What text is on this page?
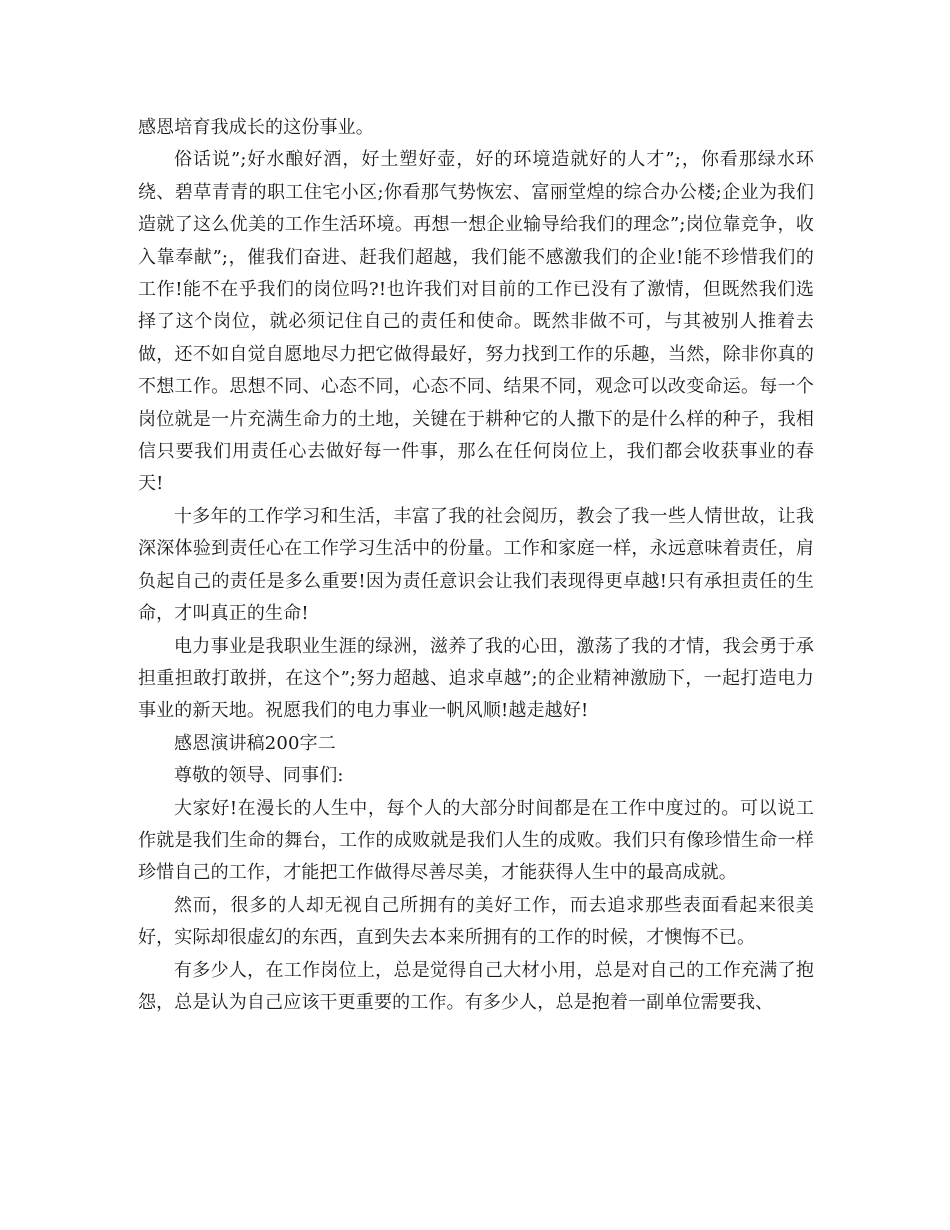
感恩培育我成长的这份事业。

俗话说”;好水酿好酒，好土塑好壶，好的环境造就好的人才”;，你看那绿水环绕、碧草青青的职工住宅小区;你看那气势恢宏、富丽堂煌的综合办公楼;企业为我们造就了这么优美的工作生活环境。再想一想企业输导给我们的理念”;岗位靠竞争，收入靠奉献”;，催我们奋进、赶我们超越，我们能不感激我们的企业!能不珍惜我们的工作!能不在乎我们的岗位吗?!也许我们对目前的工作已没有了激情，但既然我们选择了这个岗位，就必须记住自己的责任和使命。既然非做不可，与其被别人推着去做，还不如自觉自愿地尽力把它做得最好，努力找到工作的乐趣，当然，除非你真的不想工作。思想不同、心态不同，心态不同、结果不同，观念可以改变命运。每一个岗位就是一片充满生命力的土地，关键在于耕种它的人撒下的是什么样的种子，我相信只要我们用责任心去做好每一件事，那么在任何岗位上，我们都会收获事业的春天!

十多年的工作学习和生活，丰富了我的社会阅历，教会了我一些人情世故，让我深深体验到责任心在工作学习生活中的份量。工作和家庭一样，永远意味着责任，肩负起自己的责任是多么重要!因为责任意识会让我们表现得更卓越!只有承担责任的生命，才叫真正的生命!

电力事业是我职业生涯的绿洲，滋养了我的心田，激荡了我的才情，我会勇于承担重担敢打敢拼，在这个”;努力超越、追求卓越”;的企业精神激励下，一起打造电力事业的新天地。祝愿我们的电力事业一帆风顺!越走越好!

感恩演讲稿200字二

尊敬的领导、同事们:

大家好!在漫长的人生中，每个人的大部分时间都是在工作中度过的。可以说工作就是我们生命的舞台，工作的成败就是我们人生的成败。我们只有像珍惜生命一样珍惜自己的工作，才能把工作做得尽善尽美，才能获得人生中的最高成就。

然而，很多的人却无视自己所拥有的美好工作，而去追求那些表面看起来很美好，实际却很虚幻的东西，直到失去本来所拥有的工作的时候，才懊悔不已。

有多少人，在工作岗位上，总是觉得自己大材小用，总是对自己的工作充满了抱怨，总是认为自己应该干更重要的工作。有多少人，总是抱着一副单位需要我、
